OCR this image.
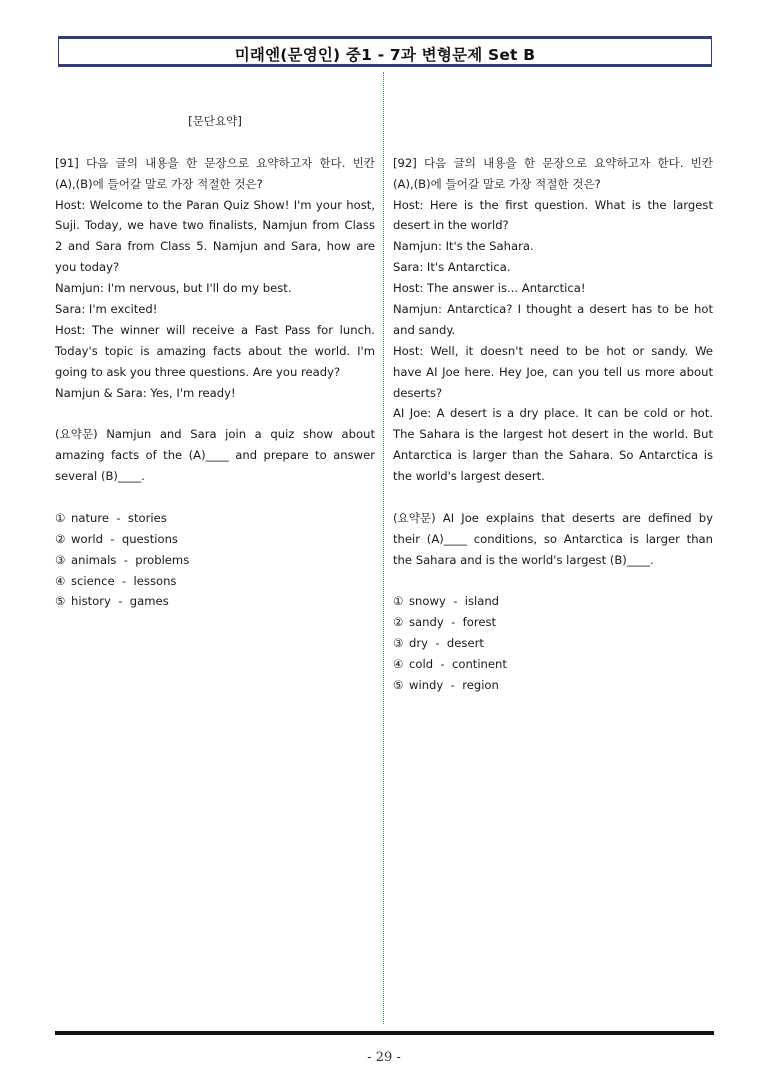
미래엔(문영인) 중1 - 7과 변형문제 Set B
[문단요약]
[91] 다음 글의 내용을 한 문장으로 요약하고자 한다. 빈칸
(A),(B)에 들어갈 말로 가장 적절한 것은?
Host: Welcome to the Paran Quiz Show! I'm your host,
Suji. Today, we have two finalists, Namjun from Class
2 and Sara from Class 5. Namjun and Sara, how are
you today?
Namjun: I'm nervous, but I'll do my best.
Sara: I'm excited!
Host: The winner will receive a Fast Pass for lunch.
Today's topic is amazing facts about the world. I'm
going to ask you three questions. Are you ready?
Namjun & Sara: Yes, I'm ready!
(요약문) Namjun and Sara join a quiz show about
amazing facts of the (A)____ and prepare to answer
several (B)____.
① nature  -  stories
② world  -  questions
③ animals  -  problems
④ science  -  lessons
⑤ history  -  games
[92] 다음 글의 내용을 한 문장으로 요약하고자 한다. 빈칸
(A),(B)에 들어갈 말로 가장 적절한 것은?
Host: Here is the first question. What is the largest
desert in the world?
Namjun: It's the Sahara.
Sara: It's Antarctica.
Host: The answer is... Antarctica!
Namjun: Antarctica? I thought a desert has to be hot
and sandy.
Host: Well, it doesn't need to be hot or sandy. We
have AI Joe here. Hey Joe, can you tell us more about
deserts?
AI Joe: A desert is a dry place. It can be cold or hot.
The Sahara is the largest hot desert in the world. But
Antarctica is larger than the Sahara. So Antarctica is
the world's largest desert.
(요약문) AI Joe explains that deserts are defined by
their (A)____ conditions, so Antarctica is larger than
the Sahara and is the world's largest (B)____.
① snowy  -  island
② sandy  -  forest
③ dry  -  desert
④ cold  -  continent
⑤ windy  -  region
- 29 -
